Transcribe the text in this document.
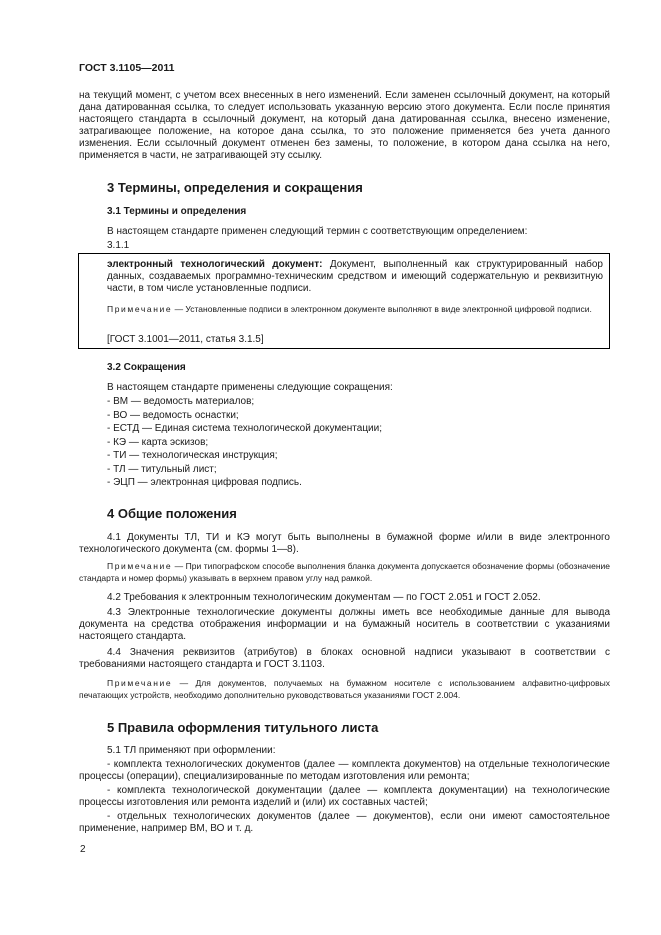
ГОСТ 3.1105—2011

на текущий момент, с учетом всех внесенных в него изменений. Если заменен ссылочный документ, на который дана датированная ссылка, то следует использовать указанную версию этого документа. Если после принятия настоящего стандарта в ссылочный документ, на который дана датированная ссылка, внесено изменение, затрагивающее положение, на которое дана ссылка, то это положение применяется без учета данного изменения. Если ссылочный документ отменен без замены, то положение, в котором дана ссылка на него, применяется в части, не затрагивающей эту ссылку.

3 Термины, определения и сокращения
3.1 Термины и определения

В настоящем стандарте применен следующий термин с соответствующим определением:

3.1.1

электронный технологический документ: Документ, выполненный как структурированный набор данных, создаваемых программно-техническим средством и имеющий содержательную и реквизитную части, в том числе установленные подписи.

Примечание — Установленные подписи в электронном документе выполняют в виде электронной цифровой подписи.

[ГОСТ 3.1001—2011, статья 3.1.5]

3.2 Сокращения

В настоящем стандарте применены следующие сокращения:

- ВМ — ведомость материалов;

- ВО — ведомость оснастки;

- ЕСТД — Единая система технологической документации;

- КЭ — карта эскизов;

- ТИ — технологическая инструкция;

- ТЛ — титульный лист;

- ЭЦП — электронная цифровая подпись.

4 Общие положения

4.1 Документы ТЛ, ТИ и КЭ могут быть выполнены в бумажной форме и/или в виде электронного технологического документа (см. формы 1—8).

Примечание — При типографском способе выполнения бланка документа допускается обозначение формы (обозначение стандарта и номер формы) указывать в верхнем правом углу над рамкой.

4.2 Требования к электронным технологическим документам — по ГОСТ 2.051 и ГОСТ 2.052.

4.3 Электронные технологические документы должны иметь все необходимые данные для вывода документа на средства отображения информации и на бумажный носитель в соответствии с указаниями настоящего стандарта.

4.4 Значения реквизитов (атрибутов) в блоках основной надписи указывают в соответствии с требованиями настоящего стандарта и ГОСТ 3.1103.

Примечание — Для документов, получаемых на бумажном носителе с использованием алфавитно-цифровых печатающих устройств, необходимо дополнительно руководствоваться указаниями ГОСТ 2.004.

5 Правила оформления титульного листа

5.1 ТЛ применяют при оформлении:

- комплекта технологических документов (далее — комплекта документов) на отдельные технологические процессы (операции), специализированные по методам изготовления или ремонта;

- комплекта технологической документации (далее — комплекта документации) на технологические процессы изготовления или ремонта изделий и (или) их составных частей;

- отдельных технологических документов (далее — документов), если они имеют самостоятельное применение, например ВМ, ВО и т. д.

2
